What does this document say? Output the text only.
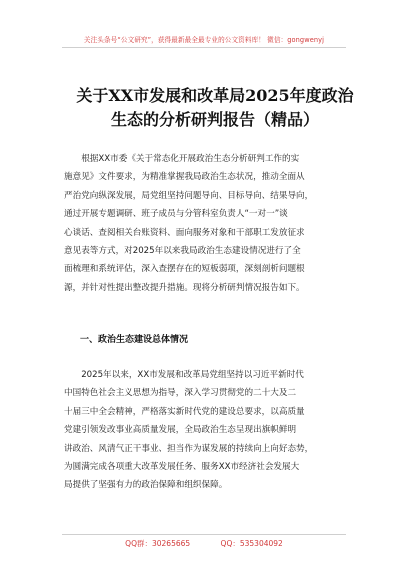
关注头条号“公文研究”，获得最新最全最专业的公文资料库！ 微信：gongwenyj
关于XX市发展和改革局2025年度政治
生态的分析研判报告（精品）
　　根据XX市委《关于常态化开展政治生态分析研判工作的实
施意见》文件要求，为精准掌握我局政治生态状况，推动全面从
严治党向纵深发展，局党组坚持问题导向、目标导向、结果导向，
通过开展专题调研、班子成员与分管科室负责人“一对一”谈
心谈话、查阅相关台账资料、面向服务对象和干部职工发放征求
意见表等方式，对2025年以来我局政治生态建设情况进行了全
面梳理和系统评估，深入查摆存在的短板弱项，深刻剖析问题根
源，并针对性提出整改提升措施。现将分析研判情况报告如下。
一、政治生态建设总体情况
　　2025年以来，XX市发展和改革局党组坚持以习近平新时代
中国特色社会主义思想为指导，深入学习贯彻党的二十大及二
十届三中全会精神，严格落实新时代党的建设总要求，以高质量
党建引领发改事业高质量发展，全局政治生态呈现出旗帜鲜明
讲政治、风清气正干事业、担当作为谋发展的持续向上向好态势，
为圆满完成各项重大改革发展任务、服务XX市经济社会发展大
局提供了坚强有力的政治保障和组织保障。
QQ群：30265665	QQ：535304092
